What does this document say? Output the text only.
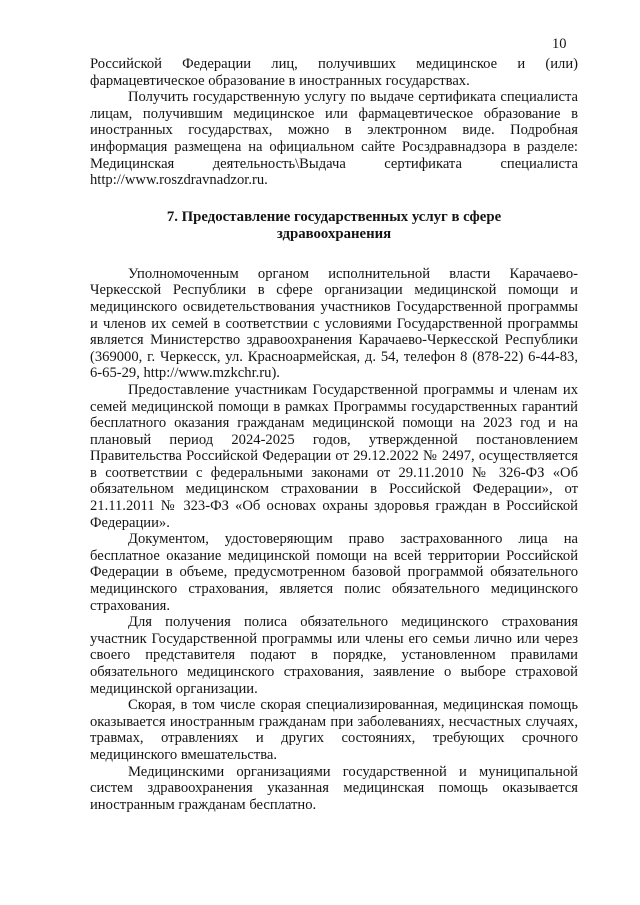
10

Российской Федерации лиц, получивших медицинское и (или) фармацевтическое образование в иностранных государствах.

Получить государственную услугу по выдаче сертификата специалиста лицам, получившим медицинское или фармацевтическое образование в иностранных государствах, можно в электронном виде. Подробная информация размещена на официальном сайте Росздравнадзора в разделе: Медицинская деятельность\Выдача сертификата специалиста http://www.roszdravnadzor.ru.

7. Предоставление государственных услуг в сфере здравоохранения

Уполномоченным органом исполнительной власти Карачаево-Черкесской Республики в сфере организации медицинской помощи и медицинского освидетельствования участников Государственной программы и членов их семей в соответствии с условиями Государственной программы является Министерство здравоохранения Карачаево-Черкесской Республики (369000, г. Черкесск, ул. Красноармейская, д. 54, телефон 8 (878-22) 6-44-83, 6-65-29, http://www.mzkchr.ru).

Предоставление участникам Государственной программы и членам их семей медицинской помощи в рамках Программы государственных гарантий бесплатного оказания гражданам медицинской помощи на 2023 год и на плановый период 2024-2025 годов, утвержденной постановлением Правительства Российской Федерации от 29.12.2022 № 2497, осуществляется в соответствии с федеральными законами от 29.11.2010 № 326-ФЗ «Об обязательном медицинском страховании в Российской Федерации», от 21.11.2011 № 323-ФЗ «Об основах охраны здоровья граждан в Российской Федерации».

Документом, удостоверяющим право застрахованного лица на бесплатное оказание медицинской помощи на всей территории Российской Федерации в объеме, предусмотренном базовой программой обязательного медицинского страхования, является полис обязательного медицинского страхования.

Для получения полиса обязательного медицинского страхования участник Государственной программы или члены его семьи лично или через своего представителя подают в порядке, установленном правилами обязательного медицинского страхования, заявление о выборе страховой медицинской организации.

Скорая, в том числе скорая специализированная, медицинская помощь оказывается иностранным гражданам при заболеваниях, несчастных случаях, травмах, отравлениях и других состояниях, требующих срочного медицинского вмешательства.

Медицинскими организациями государственной и муниципальной систем здравоохранения указанная медицинская помощь оказывается иностранным гражданам бесплатно.
